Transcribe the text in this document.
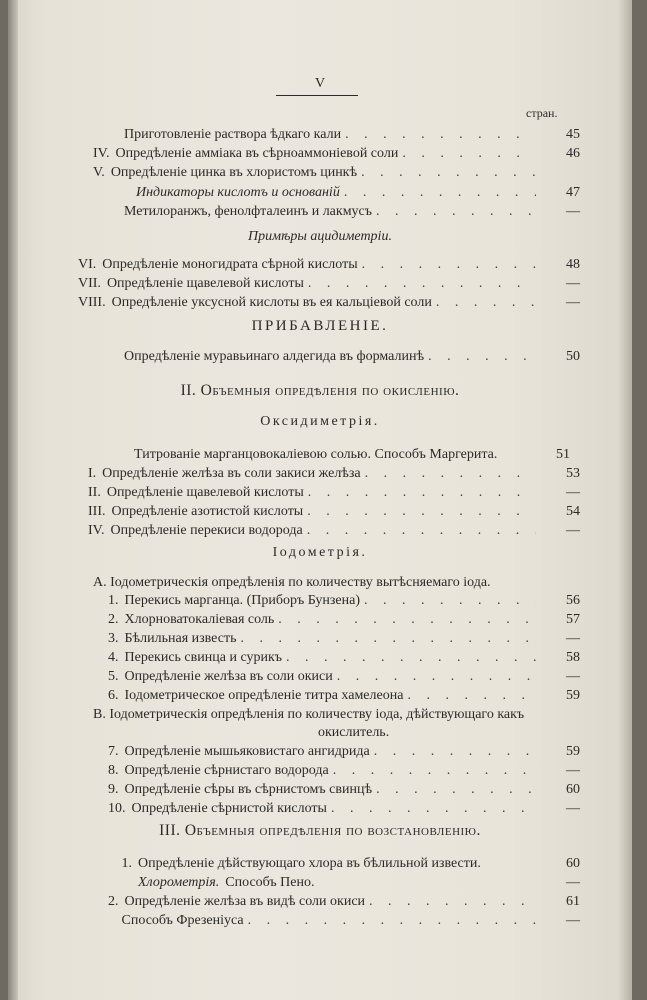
V
стран.
Приготовленіе раствора ѣдкаго кали . . .	45
IV. Опредѣленіе амміака въ сѣрноаммоніевой соли . . .	46
V. Опредѣленіе цинка въ хлористомъ цинкѣ
. . .
Индикаторы кислотъ и основаній . . .	47
Метилоранжъ, фенолфталеинъ и лакмусъ . . .	—
Примѣры ацидиметріи.
VI. Опредѣленіе моногидрата сѣрной кислоты . . .	48
VII. Опредѣленіе щавелевой кислоты . . .	—
VIII. Опредѣленіе уксусной кислоты въ ея кальціевой соли . . .	—
ПРИБАВЛЕНІЕ.
Опредѣленіе муравьинаго алдегида въ формалинѣ . . .	50
II. Объемныя опредѣленія по окисленію.
Оксидиметрія.
Титрованіе марганцовокаліевою солью. Способъ Маргерита.	51
I. Опредѣленіе желѣза въ соли закиси желѣза . . .	53
II. Опредѣленіе щавелевой кислоты . . .	—
III. Опредѣленіе азотистой кислоты . . .	54
IV. Опредѣленіе перекиси водорода . . .	—
Іодометрія.
А. Іодометрическія опредѣленія по количеству вытѣсняемаго іода.
1. Перекись марганца. (Приборъ Бунзена) . . .	56
2. Хлорноватокаліевая соль . . .	57
3. Бѣлильная известь . . .	—
4. Перекись свинца и сурикъ . . .	58
5. Опредѣленіе желѣза въ соли окиси . . .	—
6. Іодометрическое опредѣленіе титра хамелеона . . .	59
В. Іодометрическія опредѣленія по количеству іода, дѣйствующаго какъ
окислитель.
7. Опредѣленіе мышьяковистаго ангидрида . . .	59
8. Опредѣленіе сѣрнистаго водорода . . .	—
9. Опредѣленіе сѣры въ сѣрнистомъ свинцѣ . . .	60
10. Опредѣленіе сѣрнистой кислоты . . .	—
III. Объемныя опредѣленія по возстановленію.
1. Опредѣленіе дѣйствующаго хлора въ бѣлильной извести.	60
Хлорометрія. Способъ Пено.	—
2. Опредѣленіе желѣза въ видѣ соли окиси . . .	61
Способъ Фрезеніуса . . .	—
